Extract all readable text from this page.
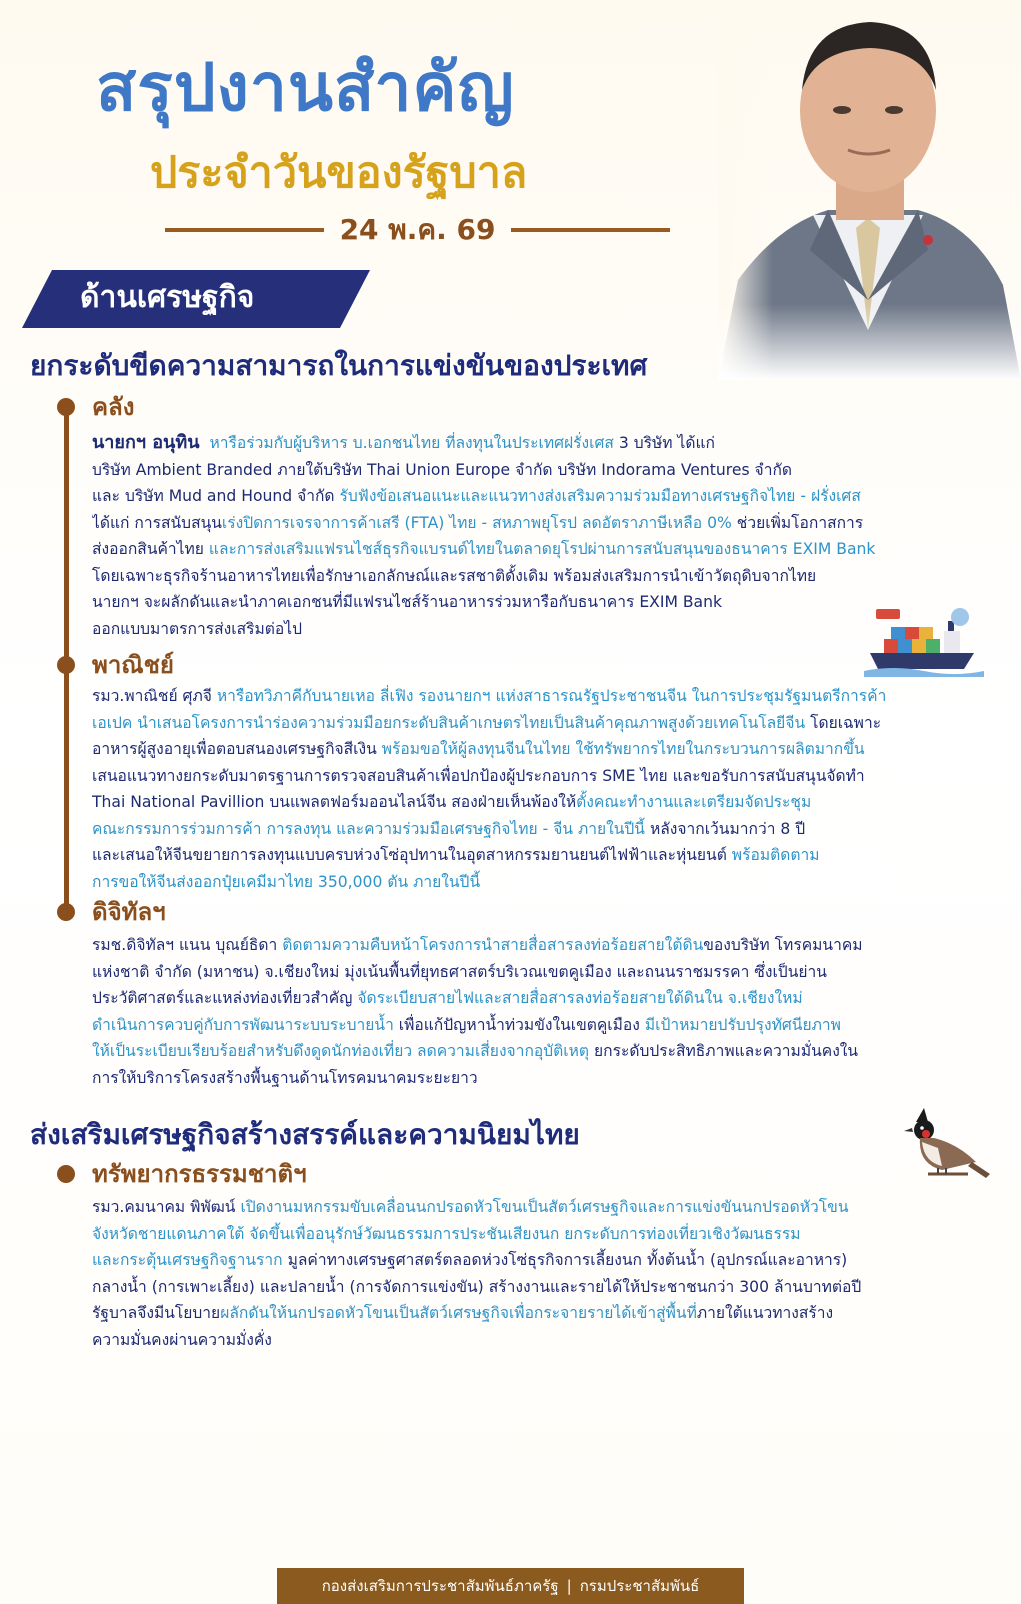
สรุปงานสำคัญ
ประจำวันของรัฐบาล
24 พ.ค. 69
ด้านเศรษฐกิจ
ยกระดับขีดความสามารถในการแข่งขันของประเทศ
คลัง
นายกฯ อนุทิน หารือร่วมกับผู้บริหาร บ.เอกชนไทย ที่ลงทุนในประเทศฝรั่งเศส 3 บริษัท ได้แก่
บริษัท Ambient Branded ภายใต้บริษัท Thai Union Europe จำกัด บริษัท Indorama Ventures จำกัด
และ บริษัท Mud and Hound จำกัด รับฟังข้อเสนอแนะและแนวทางส่งเสริมความร่วมมือทางเศรษฐกิจไทย - ฝรั่งเศส
ได้แก่ การสนับสนุนเร่งปิดการเจรจาการค้าเสรี (FTA) ไทย - สหภาพยุโรป ลดอัตราภาษีเหลือ 0% ช่วยเพิ่มโอกาสการ
ส่งออกสินค้าไทย และการส่งเสริมแฟรนไชส์ธุรกิจแบรนด์ไทยในตลาดยุโรปผ่านการสนับสนุนของธนาคาร EXIM Bank
โดยเฉพาะธุรกิจร้านอาหารไทยเพื่อรักษาเอกลักษณ์และรสชาติดั้งเดิม พร้อมส่งเสริมการนำเข้าวัตถุดิบจากไทย
นายกฯ จะผลักดันและนำภาคเอกชนที่มีแฟรนไชส์ร้านอาหารร่วมหารือกับธนาคาร EXIM Bank
ออกแบบมาตรการส่งเสริมต่อไป
พาณิชย์
รมว.พาณิชย์ ศุภจี หารือทวิภาคีกับนายเหอ ลี่เฟิง รองนายกฯ แห่งสาธารณรัฐประชาชนจีน ในการประชุมรัฐมนตรีการค้า
เอเปค นำเสนอโครงการนำร่องความร่วมมือยกระดับสินค้าเกษตรไทยเป็นสินค้าคุณภาพสูงด้วยเทคโนโลยีจีน โดยเฉพาะ
อาหารผู้สูงอายุเพื่อตอบสนองเศรษฐกิจสีเงิน พร้อมขอให้ผู้ลงทุนจีนในไทย ใช้ทรัพยากรไทยในกระบวนการผลิตมากขึ้น
เสนอแนวทางยกระดับมาตรฐานการตรวจสอบสินค้าเพื่อปกป้องผู้ประกอบการ SME ไทย และขอรับการสนับสนุนจัดทำ
Thai National Pavillion บนแพลตฟอร์มออนไลน์จีน สองฝ่ายเห็นพ้องให้ตั้งคณะทำงานและเตรียมจัดประชุม
คณะกรรมการร่วมการค้า การลงทุน และความร่วมมือเศรษฐกิจไทย - จีน ภายในปีนี้ หลังจากเว้นมากว่า 8 ปี
และเสนอให้จีนขยายการลงทุนแบบครบห่วงโซ่อุปทานในอุตสาหกรรมยานยนต์ไฟฟ้าและหุ่นยนต์ พร้อมติดตาม
การขอให้จีนส่งออกปุ๋ยเคมีมาไทย 350,000 ตัน ภายในปีนี้
ดิจิทัลฯ
รมช.ดิจิทัลฯ แนน บุณย์ธิดา ติดตามความคืบหน้าโครงการนำสายสื่อสารลงท่อร้อยสายใต้ดินของบริษัท โทรคมนาคม
แห่งชาติ จำกัด (มหาชน) จ.เชียงใหม่ มุ่งเน้นพื้นที่ยุทธศาสตร์บริเวณเขตคูเมือง และถนนราชมรรคา ซึ่งเป็นย่าน
ประวัติศาสตร์และแหล่งท่องเที่ยวสำคัญ จัดระเบียบสายไฟและสายสื่อสารลงท่อร้อยสายใต้ดินใน จ.เชียงใหม่
ดำเนินการควบคู่กับการพัฒนาระบบระบายน้ำ เพื่อแก้ปัญหาน้ำท่วมขังในเขตคูเมือง มีเป้าหมายปรับปรุงทัศนียภาพ
ให้เป็นระเบียบเรียบร้อยสำหรับดึงดูดนักท่องเที่ยว ลดความเสี่ยงจากอุบัติเหตุ ยกระดับประสิทธิภาพและความมั่นคงใน
การให้บริการโครงสร้างพื้นฐานด้านโทรคมนาคมระยะยาว
ส่งเสริมเศรษฐกิจสร้างสรรค์และความนิยมไทย
ทรัพยากรธรรมชาติฯ
รมว.คมนาคม พิพัฒน์ เปิดงานมหกรรมขับเคลื่อนนกปรอดหัวโขนเป็นสัตว์เศรษฐกิจและการแข่งขันนกปรอดหัวโขน
จังหวัดชายแดนภาคใต้ จัดขึ้นเพื่ออนุรักษ์วัฒนธรรมการประชันเสียงนก ยกระดับการท่องเที่ยวเชิงวัฒนธรรม
และกระตุ้นเศรษฐกิจฐานราก มูลค่าทางเศรษฐศาสตร์ตลอดห่วงโซ่ธุรกิจการเลี้ยงนก ทั้งต้นน้ำ (อุปกรณ์และอาหาร)
กลางน้ำ (การเพาะเลี้ยง) และปลายน้ำ (การจัดการแข่งขัน) สร้างงานและรายได้ให้ประชาชนกว่า 300 ล้านบาทต่อปี
รัฐบาลจึงมีนโยบายผลักดันให้นกปรอดหัวโขนเป็นสัตว์เศรษฐกิจเพื่อกระจายรายได้เข้าสู่พื้นที่ภายใต้แนวทางสร้าง
ความมั่นคงผ่านความมั่งคั่ง
กองส่งเสริมการประชาสัมพันธ์ภาครัฐ | กรมประชาสัมพันธ์
